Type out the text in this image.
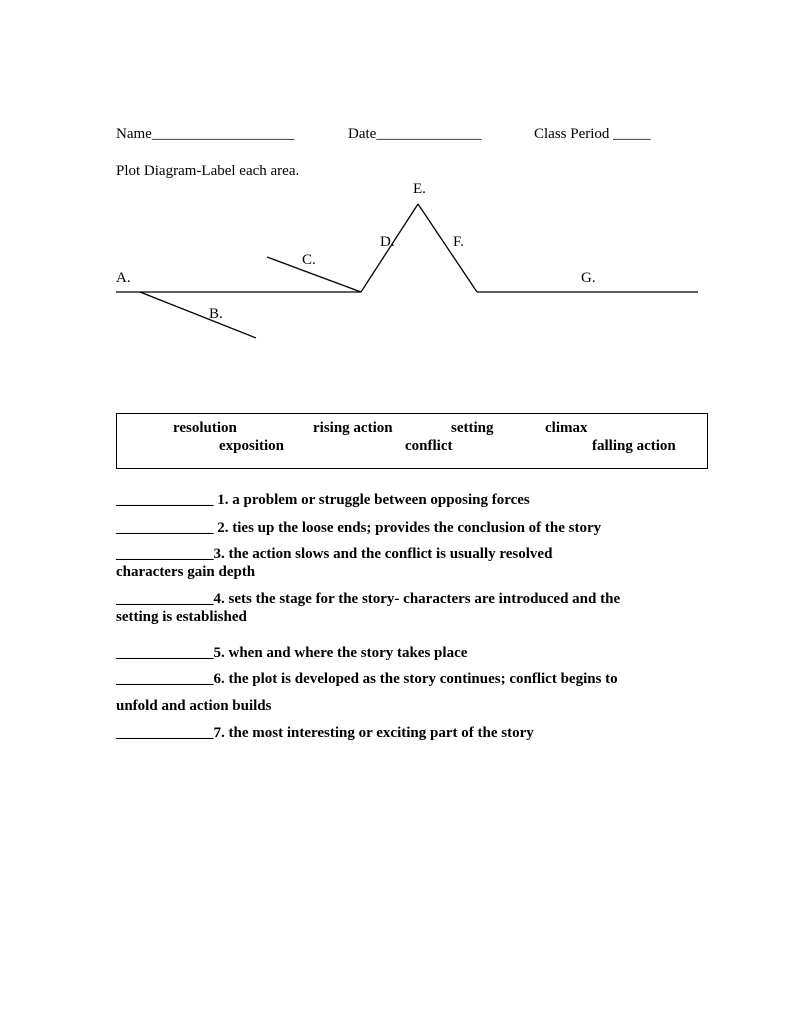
Name___________________	Date______________	Class Period _____
Plot Diagram-Label each area.
A.
B.
C.
D.
E.
F.
G.
resolution	rising action	setting	climax
exposition	conflict	falling action
_____________ 1. a problem or struggle between opposing forces
_____________ 2. ties up the loose ends; provides the conclusion of the story
_____________3. the action slows and the conflict is usually resolved
characters gain depth
_____________4. sets the stage for the story- characters are introduced and the
setting is established
_____________5. when and where the story takes place
_____________6. the plot is developed as the story continues; conflict begins to
unfold and action builds
_____________7. the most interesting or exciting part of the story
